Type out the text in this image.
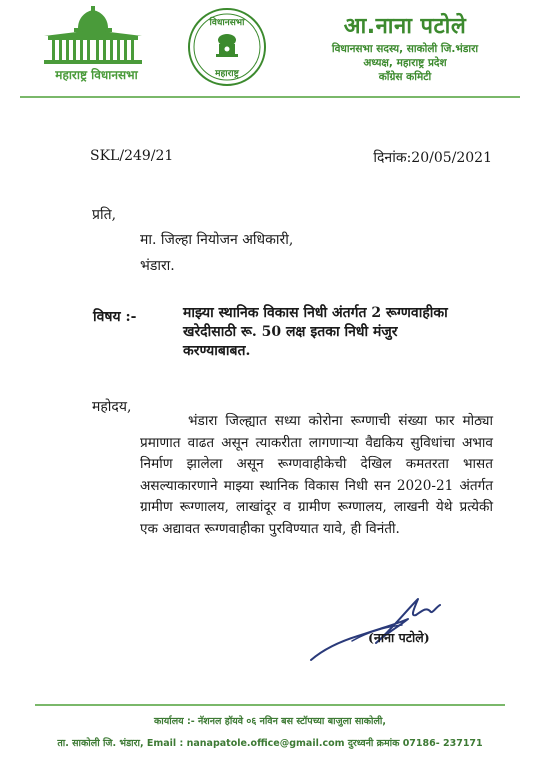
महाराष्ट्र विधानसभा
विधानसभा
महाराष्ट्र
आ.नाना पटोले
विधानसभा सदस्य, साकोली जि.भंडारा
अध्यक्ष, महाराष्ट्र प्रदेश
कॉंग्रेस कमिटी
SKL/249/21	दिनांक:20/05/2021
प्रति,
मा. जिल्हा नियोजन अधिकारी,
भंडारा.
विषय :-	माझ्या स्थानिक विकास निधी अंतर्गत 2 रूग्णवाहीका खरेदीसाठी रू. 50 लक्ष इतका निधी मंजुर करण्याबाबत.
महोदय,
भंडारा जिल्ह्यात सध्या कोरोना रूग्णाची संख्या फार मोठ्या प्रमाणात वाढत असून त्याकरीता लागणाऱ्या वैद्यकिय सुविधांचा अभाव निर्माण झालेला असून रूग्णवाहीकेची देखिल कमतरता भासत असल्याकारणाने माझ्या स्थानिक विकास निधी सन 2020-21 अंतर्गत ग्रामीण रूग्णालय, लाखांदूर व ग्रामीण रूग्णालय, लाखनी येथे प्रत्येकी एक अद्यावत रूग्णवाहीका पुरविण्यात यावे, ही विनंती.
(नाना पटोले)
कार्यालय :- नॅशनल हॉयवे ०६ नविन बस स्टॉपच्या बाजुला साकोली,
ता. साकोली जि. भंडारा, Email : nanapatole.office@gmail.com दुरध्वनी क्रमांक 07186- 237171
